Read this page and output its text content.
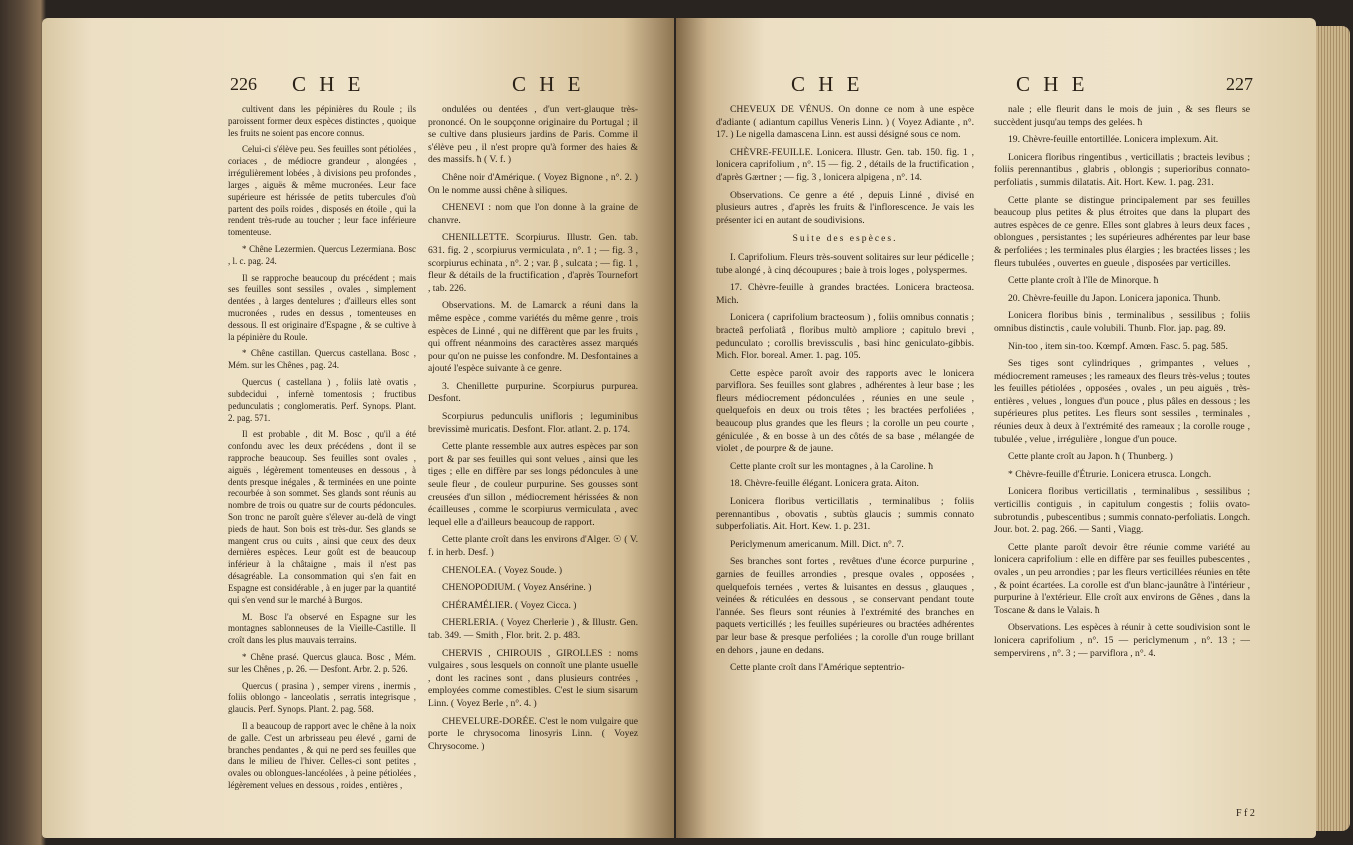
226 C H E	C H E

cultivent dans les pépinières du Roule ; ils paroissent former deux espèces distinctes , quoique les fruits ne soient pas encore connus.

Celui-ci s'élève peu. Ses feuilles sont pétiolées , coriaces , de médiocre grandeur , alongées , irrégulièrement lobées , à divisions peu profondes , larges , aiguës & même mucronées. Leur face supérieure est hérissée de petits tubercules d'où partent des poils roides , disposés en étoile , qui la rendent très-rude au toucher ; leur face inférieure tomenteuse.

* Chêne Lezermien. Quercus Lezermiana. Bosc , l. c. pag. 24.

Il se rapproche beaucoup du précédent ; mais ses feuilles sont sessiles , ovales , simplement dentées , à larges dentelures ; d'ailleurs elles sont mucronées , rudes en dessus , tomenteuses en dessous. Il est originaire d'Espagne , & se cultive à la pépinière du Roule.

* Chêne castillan. Quercus castellana. Bosc , Mém. sur les Chênes , pag. 24.

Quercus ( castellana ) , foliis latè ovatis , subdecidui , infernè tomentosis ; fructibus pedunculatis ; conglomeratis. Perf. Synops. Plant. 2. pag. 571.

Il est probable , dit M. Bosc , qu'il a été confondu avec les deux précédens , dont il se rapproche beaucoup. Ses feuilles sont ovales , aiguës , légèrement tomenteuses en dessous , à dents presque inégales , & terminées en une pointe recourbée à son sommet. Ses glands sont réunis au nombre de trois ou quatre sur de courts pédoncules. Son tronc ne paroît guère s'élever au-delà de vingt pieds de haut. Son bois est très-dur. Ses glands se mangent crus ou cuits , ainsi que ceux des deux dernières espèces. Leur goût est de beaucoup inférieur à la châtaigne , mais il n'est pas désagréable. La consommation qui s'en fait en Espagne est considérable , à en juger par la quantité qui s'en vend sur le marché à Burgos.

M. Bosc l'a observé en Espagne sur les montagnes sablonneuses de la Vieille-Castille. Il croît dans les plus mauvais terrains.

* Chêne prasé. Quercus glauca. Bosc , Mém. sur les Chênes , p. 26. — Desfont. Arbr. 2. p. 526.

Quercus ( prasina ) , semper virens , inermis , foliis oblongo - lanceolatis , serratis integrisque , glaucis. Perf. Synops. Plant. 2. pag. 568.

Il a beaucoup de rapport avec le chêne à la noix de galle. C'est un arbrisseau peu élevé , garni de branches pendantes , & qui ne perd ses feuilles que dans le milieu de l'hiver. Celles-ci sont petites , ovales ou oblongues-lancéolées , à peine pétiolées , légèrement velues en dessous , roides , entières ,

ondulées ou dentées , d'un vert-glauque très-prononcé. On le soupçonne originaire du Portugal ; il se cultive dans plusieurs jardins de Paris. Comme il s'élève peu , il n'est propre qu'à former des haies & des massifs. ħ ( V. f. )

Chêne noir d'Amérique. ( Voyez Bignone , n°. 2. ) On le nomme aussi chêne à siliques.

CHENEVI : nom que l'on donne à la graine de chanvre.

CHENILLETTE. Scorpiurus. Illustr. Gen. tab. 631. fig. 2 , scorpiurus vermiculata , n°. 1 ; — fig. 3 , scorpiurus echinata , n°. 2 ; var. β , sulcata ; — fig. 1 , fleur & détails de la fructification , d'après Tournefort , tab. 226.

Observations. M. de Lamarck a réuni dans la même espèce , comme variétés du même genre , trois espèces de Linné , qui ne diffèrent que par les fruits , qui offrent néanmoins des caractères assez marqués pour qu'on ne puisse les confondre. M. Desfontaines a ajouté l'espèce suivante à ce genre.

3. Chenillette purpurine. Scorpiurus purpurea. Desfont.

Scorpiurus pedunculis unifloris ; leguminibus brevissimè muricatis. Desfont. Flor. atlant. 2. p. 174.

Cette plante ressemble aux autres espèces par son port & par ses feuilles qui sont velues , ainsi que les tiges ; elle en diffère par ses longs pédoncules à une seule fleur , de couleur purpurine. Ses gousses sont creusées d'un sillon , médiocrement hérissées & non écailleuses , comme le scorpiurus vermiculata , avec lequel elle a d'ailleurs beaucoup de rapport.

Cette plante croît dans les environs d'Alger. ☉ ( V. f. in herb. Desf. )

CHENOLEA. ( Voyez Soude. )

CHENOPODIUM. ( Voyez Ansérine. )

CHÉRAMÉLIER. ( Voyez Cicca. )

CHERLERIA. ( Voyez Cherlerie ) , & Illustr. Gen. tab. 349. — Smith , Flor. brit. 2. p. 483.

CHERVIS , CHIROUIS , GIROLLES : noms vulgaires , sous lesquels on connoît une plante usuelle , dont les racines sont , dans plusieurs contrées , employées comme comestibles. C'est le sium sisarum Linn. ( Voyez Berle , n°. 4. )

CHEVELURE-DORÉE. C'est le nom vulgaire que porte le chrysocoma linosyris Linn. ( Voyez Chrysocome. )

C H E	C H E	227

CHEVEUX DE VÉNUS. On donne ce nom à une espèce d'adiante ( adiantum capillus Veneris Linn. ) ( Voyez Adiante , n°. 17. ) Le nigella damascena Linn. est aussi désigné sous ce nom.

CHÈVRE-FEUILLE. Lonicera. Illustr. Gen. tab. 150. fig. 1 , lonicera caprifolium , n°. 15 — fig. 2 , détails de la fructification , d'après Gærtner ; — fig. 3 , lonicera alpigena , n°. 14.

Observations. Ce genre a été , depuis Linné , divisé en plusieurs autres , d'après les fruits & l'inflorescence. Je vais les présenter ici en autant de soudivisions.

Suite des espèces.

I. Caprifolium. Fleurs très-souvent solitaires sur leur pédicelle ; tube alongé , à cinq découpures ; baie à trois loges , polyspermes.

17. Chèvre-feuille à grandes bractées. Lonicera bracteosa. Mich.

Lonicera ( caprifolium bracteosum ) , foliis omnibus connatis ; bracteâ perfoliatâ , floribus multò ampliore ; capitulo brevi , pedunculato ; corollis brevissculis , basi hinc geniculato-gibbis. Mich. Flor. boreal. Amer. 1. pag. 105.

Cette espèce paroît avoir des rapports avec le lonicera parviflora. Ses feuilles sont glabres , adhérentes à leur base ; les fleurs médiocrement pédonculées , réunies en une seule , quelquefois en deux ou trois têtes ; les bractées perfoliées , beaucoup plus grandes que les fleurs ; la corolle un peu courte , géniculée , & en bosse à un des côtés de sa base , mélangée de violet , de pourpre & de jaune.

Cette plante croît sur les montagnes , à la Caroline. ħ

18. Chèvre-feuille élégant. Lonicera grata. Aiton.

Lonicera floribus verticillatis , terminalibus ; foliis perennantibus , obovatis , subtùs glaucis ; summis connato subperfoliatis. Ait. Hort. Kew. 1. p. 231.

Periclymenum americanum. Mill. Dict. n°. 7.

Ses branches sont fortes , revêtues d'une écorce purpurine , garnies de feuilles arrondies , presque ovales , opposées , quelquefois ternées , vertes & luisantes en dessus , glauques , veinées & réticulées en dessous , se conservant pendant toute l'année. Ses fleurs sont réunies à l'extrémité des branches en paquets verticillés ; les feuilles supérieures ou bractées adhérentes par leur base & presque perfoliées ; la corolle d'un rouge brillant en dehors , jaune en dedans.

Cette plante croît dans l'Amérique septentrio-

nale ; elle fleurit dans le mois de juin , & ses fleurs se succèdent jusqu'au temps des gelées. ħ

19. Chèvre-feuille entortillée. Lonicera implexum. Ait.

Lonicera floribus ringentibus , verticillatis ; bracteis levibus ; foliis perennantibus , glabris , oblongis ; superioribus connato-perfoliatis , summis dilatatis. Ait. Hort. Kew. 1. pag. 231.

Cette plante se distingue principalement par ses feuilles beaucoup plus petites & plus étroites que dans la plupart des autres espèces de ce genre. Elles sont glabres à leurs deux faces , oblongues , persistantes ; les supérieures adhérentes par leur base & perfoliées ; les terminales plus élargies ; les bractées lisses ; les fleurs tubulées , ouvertes en gueule , disposées par verticilles.

Cette plante croît à l'île de Minorque. ħ

20. Chèvre-feuille du Japon. Lonicera japonica. Thunb.

Lonicera floribus binis , terminalibus , sessilibus ; foliis omnibus distinctis , caule volubili. Thunb. Flor. jap. pag. 89.

Nin-too , item sin-too. Kœmpf. Amœn. Fasc. 5. pag. 585.

Ses tiges sont cylindriques , grimpantes , velues , médiocrement rameuses ; les rameaux des fleurs très-velus ; toutes les feuilles pétiolées , opposées , ovales , un peu aiguës , très-entières , velues , longues d'un pouce , plus pâles en dessous ; les supérieures plus petites. Les fleurs sont sessiles , terminales , réunies deux à deux à l'extrémité des rameaux ; la corolle rouge , tubulée , velue , irrégulière , longue d'un pouce.

Cette plante croît au Japon. ħ ( Thunberg. )

* Chèvre-feuille d'Étrurie. Lonicera etrusca. Longch.

Lonicera floribus verticillatis , terminalibus , sessilibus ; verticillis contiguis , in capitulum congestis ; foliis ovato-subrotundis , pubescentibus ; summis connato-perfoliatis. Longch. Jour. bot. 2. pag. 266. — Santi , Viagg.

Cette plante paroît devoir être réunie comme variété au lonicera caprifolium : elle en diffère par ses feuilles pubescentes , ovales , un peu arrondies ; par les fleurs verticillées réunies en tête , & point écartées. La corolle est d'un blanc-jaunâtre à l'intérieur , purpurine à l'extérieur. Elle croît aux environs de Gênes , dans la Toscane & dans le Valais. ħ

Observations. Les espèces à réunir à cette soudivision sont le lonicera caprifolium , n°. 15 — periclymenum , n°. 13 ; — sempervirens , n°. 3 ; — parviflora , n°. 4.

F f 2
